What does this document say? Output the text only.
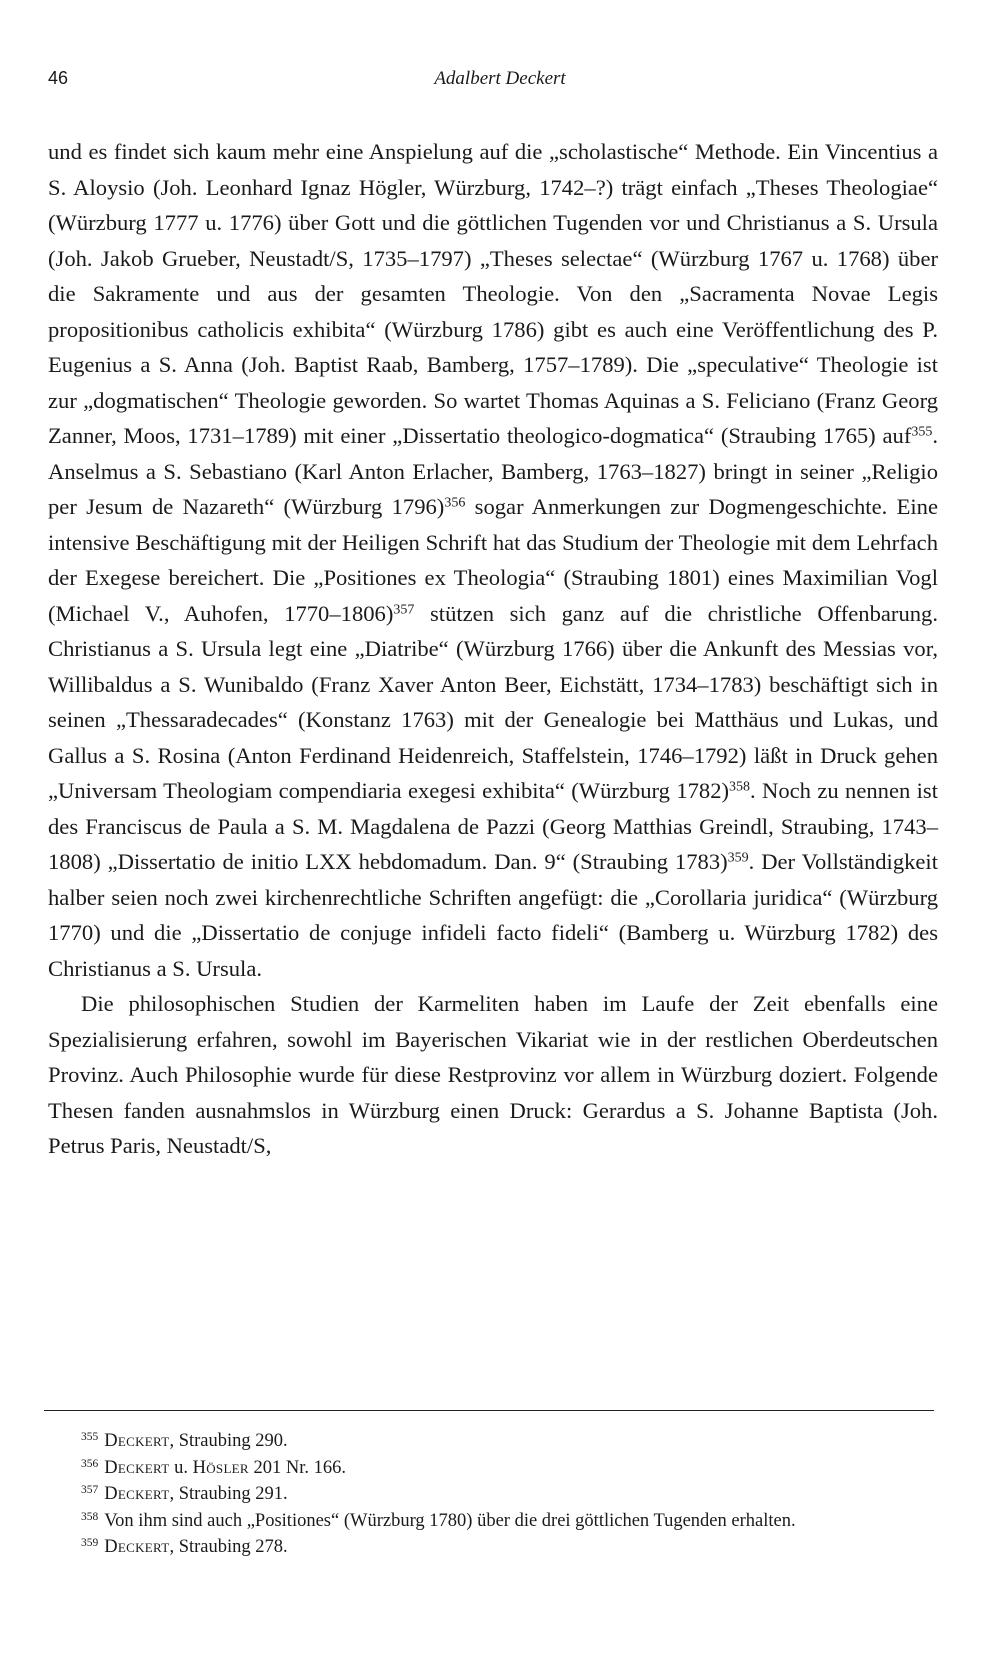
46	Adalbert Deckert

und es findet sich kaum mehr eine Anspielung auf die „scholastische“ Methode. Ein Vincentius a S. Aloysio (Joh. Leonhard Ignaz Högler, Würzburg, 1742–?) trägt einfach „Theses Theologiae“ (Würzburg 1777 u. 1776) über Gott und die göttlichen Tugenden vor und Christianus a S. Ursula (Joh. Jakob Grueber, Neustadt/S, 1735–1797) „Theses selectae“ (Würzburg 1767 u. 1768) über die Sakramente und aus der gesamten Theologie. Von den „Sacramenta Novae Legis propositionibus catholicis exhibita“ (Würzburg 1786) gibt es auch eine Veröffentlichung des P. Eugenius a S. Anna (Joh. Baptist Raab, Bamberg, 1757–1789). Die „speculative“ Theologie ist zur „dogmatischen“ Theologie geworden. So wartet Thomas Aquinas a S. Feliciano (Franz Georg Zanner, Moos, 1731–1789) mit einer „Dissertatio theologico-dogmatica“ (Straubing 1765) auf$^{355}$. Anselmus a S. Sebastiano (Karl Anton Erlacher, Bamberg, 1763–1827) bringt in seiner „Religio per Jesum de Nazareth“ (Würzburg 1796)$^{356}$ sogar Anmerkungen zur Dogmengeschichte. Eine intensive Beschäftigung mit der Heiligen Schrift hat das Studium der Theologie mit dem Lehrfach der Exegese bereichert. Die „Positiones ex Theologia“ (Straubing 1801) eines Maximilian Vogl (Michael V., Auhofen, 1770–1806)$^{357}$ stützen sich ganz auf die christliche Offenbarung. Christianus a S. Ursula legt eine „Diatribe“ (Würzburg 1766) über die Ankunft des Messias vor, Willibaldus a S. Wunibaldo (Franz Xaver Anton Beer, Eichstätt, 1734–1783) beschäftigt sich in seinen „Thessaradecades“ (Konstanz 1763) mit der Genealogie bei Matthäus und Lukas, und Gallus a S. Rosina (Anton Ferdinand Heidenreich, Staffelstein, 1746–1792) läßt in Druck gehen „Universam Theologiam compendiaria exegesi exhibita“ (Würzburg 1782)$^{358}$. Noch zu nennen ist des Franciscus de Paula a S. M. Magdalena de Pazzi (Georg Matthias Greindl, Straubing, 1743–1808) „Dissertatio de initio LXX hebdomadum. Dan. 9“ (Straubing 1783)$^{359}$. Der Vollständigkeit halber seien noch zwei kirchenrechtliche Schriften angefügt: die „Corollaria juridica“ (Würzburg 1770) und die „Dissertatio de conjuge infideli facto fideli“ (Bamberg u. Würzburg 1782) des Christianus a S. Ursula.

Die philosophischen Studien der Karmeliten haben im Laufe der Zeit ebenfalls eine Spezialisierung erfahren, sowohl im Bayerischen Vikariat wie in der restlichen Oberdeutschen Provinz. Auch Philosophie wurde für diese Restprovinz vor allem in Würzburg doziert. Folgende Thesen fanden ausnahmslos in Würzburg einen Druck: Gerardus a S. Johanne Baptista (Joh. Petrus Paris, Neustadt/S,

$^{355}$ Deckert, Straubing 290.

$^{356}$ Deckert u. Hösler 201 Nr. 166.

$^{357}$ Deckert, Straubing 291.

$^{358}$ Von ihm sind auch „Positiones“ (Würzburg 1780) über die drei göttlichen Tugenden erhalten.

$^{359}$ Deckert, Straubing 278.
